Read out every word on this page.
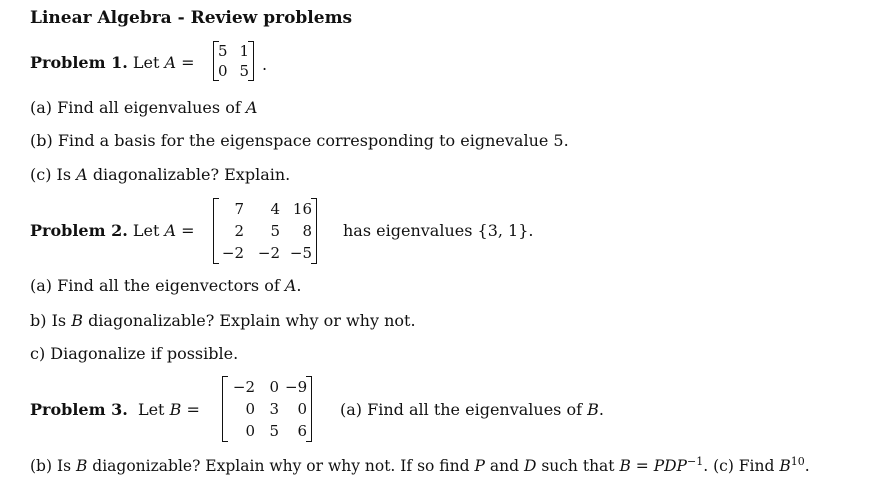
Linear Algebra - Review problems
Problem 1. Let A =
5 1
0 5 .
(a) Find all eigenvalues of A
(b) Find a basis for the eigenspace corresponding to eignevalue 5.
(c) Is A diagonalizable? Explain.
Problem 2. Let A =
7	4 16
2	5	8
−2 −2 −5
has eigenvalues {3, 1}.
(a) Find all the eigenvectors of A.
b) Is B diagonalizable? Explain why or why not.
c) Diagonalize if possible.
Problem 3. Let B =
−2 0 −9
0 3	0
0 5	6
(a) Find all the eigenvalues of B.
(b) Is B diagonizable? Explain why or why not. If so find P and D such that $B = PDP^{-1}$. (c) Find $B^{10}$.
